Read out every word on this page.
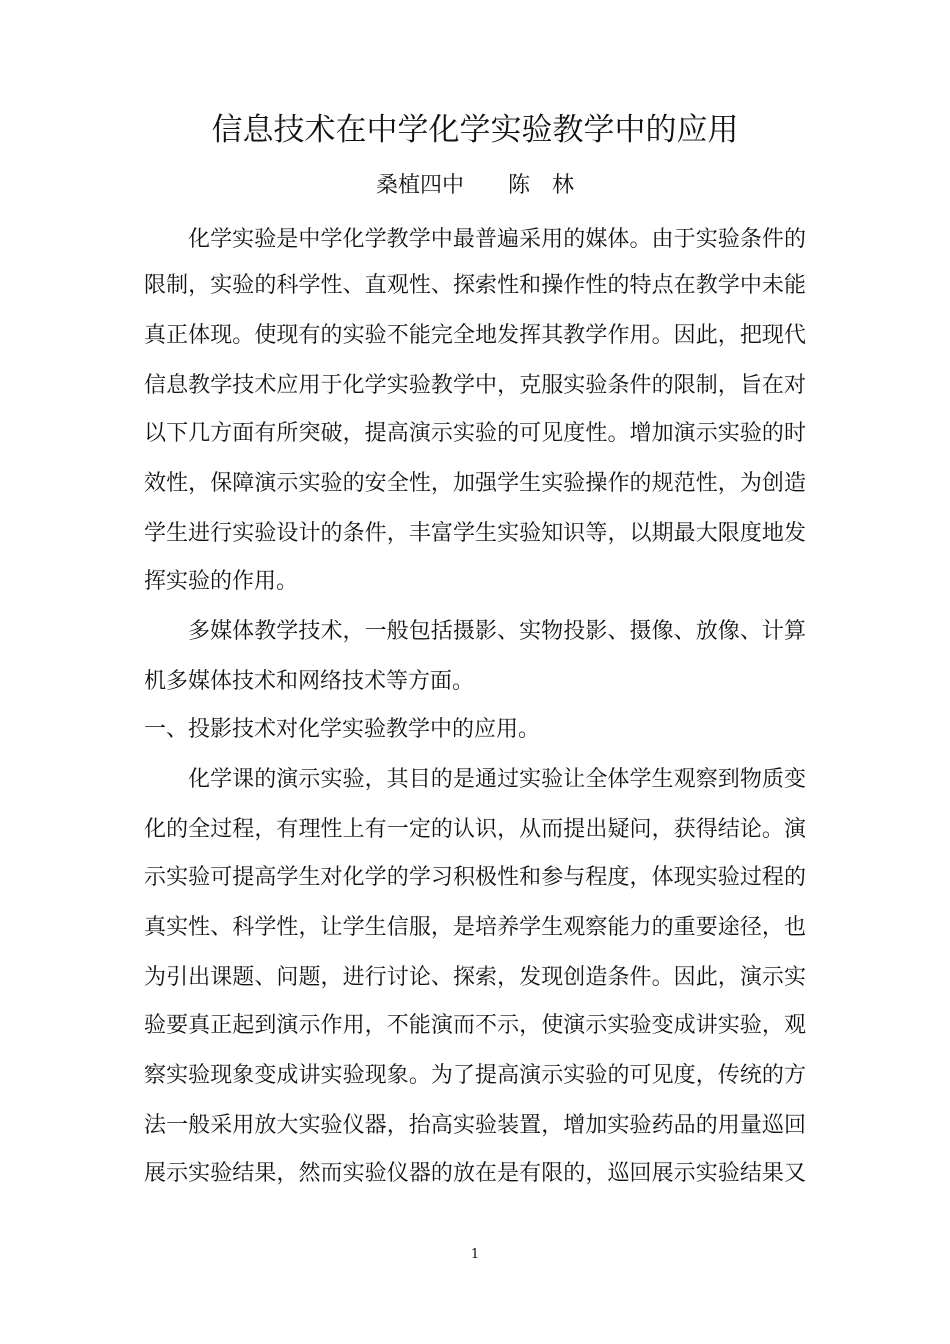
信息技术在中学化学实验教学中的应用
桑植四中　　陈　林
化学实验是中学化学教学中最普遍采用的媒体。由于实验条件的
限制，实验的科学性、直观性、探索性和操作性的特点在教学中未能
真正体现。使现有的实验不能完全地发挥其教学作用。因此，把现代
信息教学技术应用于化学实验教学中，克服实验条件的限制，旨在对
以下几方面有所突破，提高演示实验的可见度性。增加演示实验的时
效性，保障演示实验的安全性，加强学生实验操作的规范性，为创造
学生进行实验设计的条件，丰富学生实验知识等，以期最大限度地发
挥实验的作用。
多媒体教学技术，一般包括摄影、实物投影、摄像、放像、计算
机多媒体技术和网络技术等方面。
一、投影技术对化学实验教学中的应用。
化学课的演示实验，其目的是通过实验让全体学生观察到物质变
化的全过程，有理性上有一定的认识，从而提出疑问，获得结论。演
示实验可提高学生对化学的学习积极性和参与程度，体现实验过程的
真实性、科学性，让学生信服，是培养学生观察能力的重要途径，也
为引出课题、问题，进行讨论、探索，发现创造条件。因此，演示实
验要真正起到演示作用，不能演而不示，使演示实验变成讲实验，观
察实验现象变成讲实验现象。为了提高演示实验的可见度，传统的方
法一般采用放大实验仪器，抬高实验装置，增加实验药品的用量巡回
展示实验结果，然而实验仪器的放在是有限的，巡回展示实验结果又
1
